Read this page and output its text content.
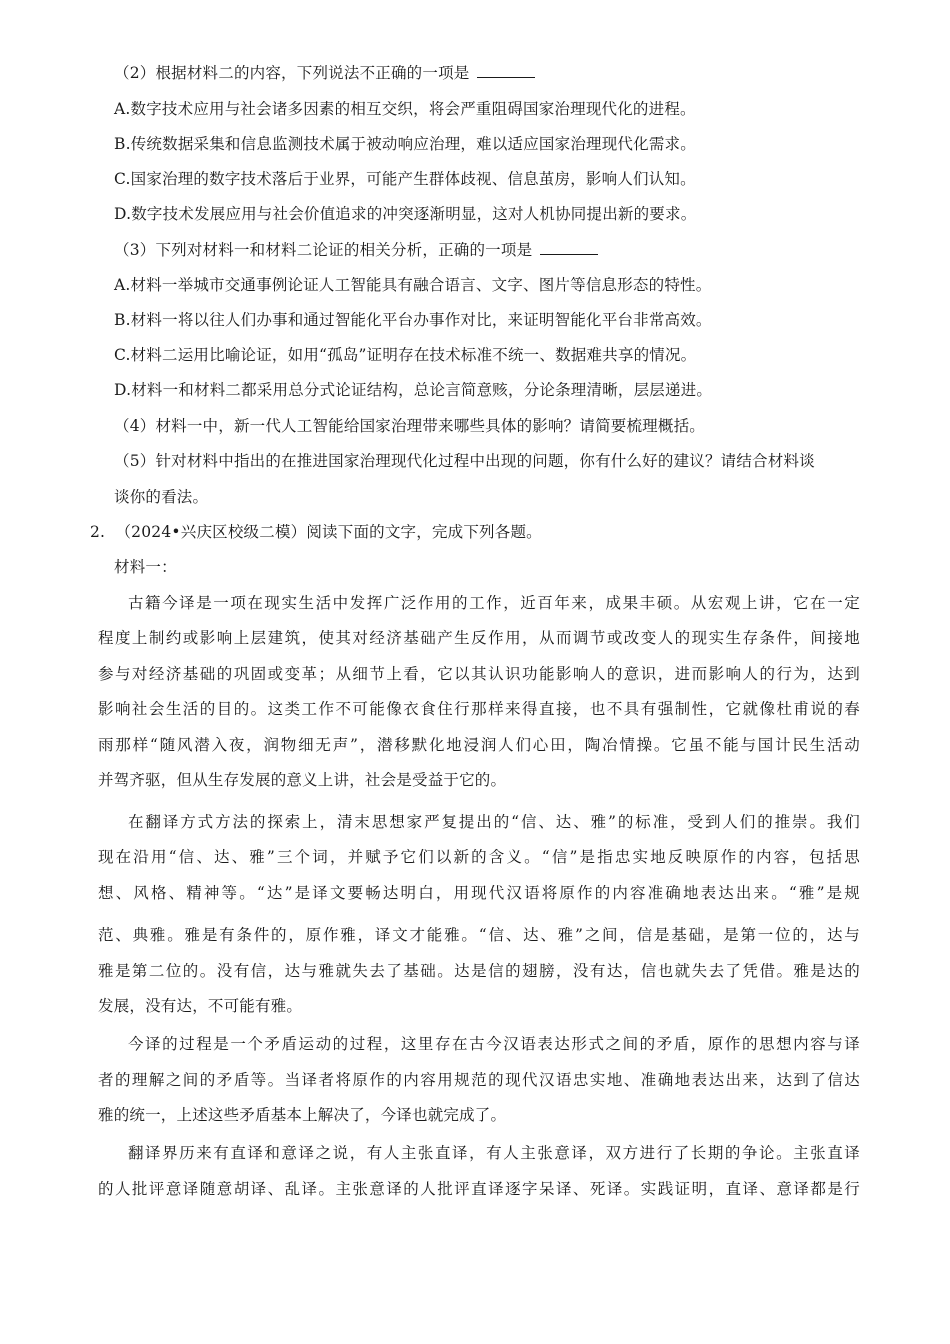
（2）根据材料二的内容，下列说法不正确的一项是
A.数字技术应用与社会诸多因素的相互交织，将会严重阻碍国家治理现代化的进程。
B.传统数据采集和信息监测技术属于被动响应治理，难以适应国家治理现代化需求。
C.国家治理的数字技术落后于业界，可能产生群体歧视、信息茧房，影响人们认知。
D.数字技术发展应用与社会价值追求的冲突逐渐明显，这对人机协同提出新的要求。
（3）下列对材料一和材料二论证的相关分析，正确的一项是
A.材料一举城市交通事例论证人工智能具有融合语言、文字、图片等信息形态的特性。
B.材料一将以往人们办事和通过智能化平台办事作对比，来证明智能化平台非常高效。
C.材料二运用比喻论证，如用“孤岛”证明存在技术标准不统一、数据难共享的情况。
D.材料一和材料二都采用总分式论证结构，总论言简意赅，分论条理清晰，层层递进。
（4）材料一中，新一代人工智能给国家治理带来哪些具体的影响？请简要梳理概括。
（5）针对材料中指出的在推进国家治理现代化过程中出现的问题，你有什么好的建议？请结合材料谈
谈你的看法。
2. （2024•兴庆区校级二模）阅读下面的文字，完成下列各题。
材料一：
古籍今译是一项在现实生活中发挥广泛作用的工作，近百年来，成果丰硕。从宏观上讲，它在一定
程度上制约或影响上层建筑，使其对经济基础产生反作用，从而调节或改变人的现实生存条件，间接地
参与对经济基础的巩固或变革；从细节上看，它以其认识功能影响人的意识，进而影响人的行为，达到
影响社会生活的目的。这类工作不可能像衣食住行那样来得直接，也不具有强制性，它就像杜甫说的春
雨那样“随风潜入夜，润物细无声”，潜移默化地浸润人们心田，陶冶情操。它虽不能与国计民生活动
并驾齐驱，但从生存发展的意义上讲，社会是受益于它的。
在翻译方式方法的探索上，清末思想家严复提出的“信、达、雅”的标准，受到人们的推崇。我们
现在沿用“信、达、雅”三个词，并赋予它们以新的含义。“信”是指忠实地反映原作的内容，包括思
想、风格、精神等。“达”是译文要畅达明白，用现代汉语将原作的内容准确地表达出来。“雅”是规
范、典雅。雅是有条件的，原作雅，译文才能雅。“信、达、雅”之间，信是基础，是第一位的，达与
雅是第二位的。没有信，达与雅就失去了基础。达是信的翅膀，没有达，信也就失去了凭借。雅是达的
发展，没有达，不可能有雅。
今译的过程是一个矛盾运动的过程，这里存在古今汉语表达形式之间的矛盾，原作的思想内容与译
者的理解之间的矛盾等。当译者将原作的内容用规范的现代汉语忠实地、准确地表达出来，达到了信达
雅的统一，上述这些矛盾基本上解决了，今译也就完成了。
翻译界历来有直译和意译之说，有人主张直译，有人主张意译，双方进行了长期的争论。主张直译
的人批评意译随意胡译、乱译。主张意译的人批评直译逐字呆译、死译。实践证明，直译、意译都是行
